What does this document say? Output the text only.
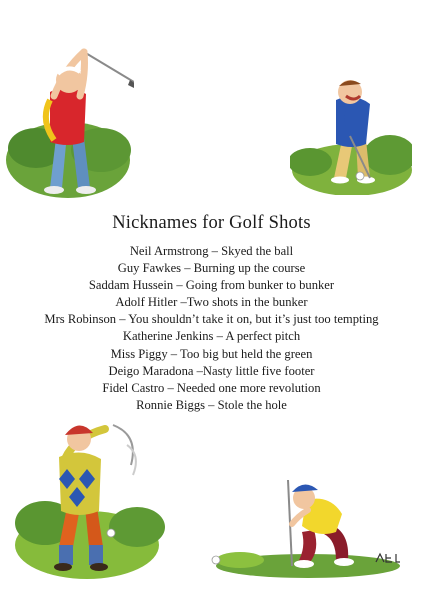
Nicknames for Golf Shots
Neil Armstrong – Skyed the ball
Guy Fawkes – Burning up the course
Saddam Hussein – Going from bunker to bunker
Adolf Hitler –Two shots in the bunker
Mrs Robinson – You shouldn’t take it on, but it’s just too tempting
Katherine Jenkins – A perfect pitch
Miss Piggy – Too big but held the green
Deigo Maradona –Nasty little five footer
Fidel Castro – Needed one more revolution
Ronnie Biggs – Stole the hole
